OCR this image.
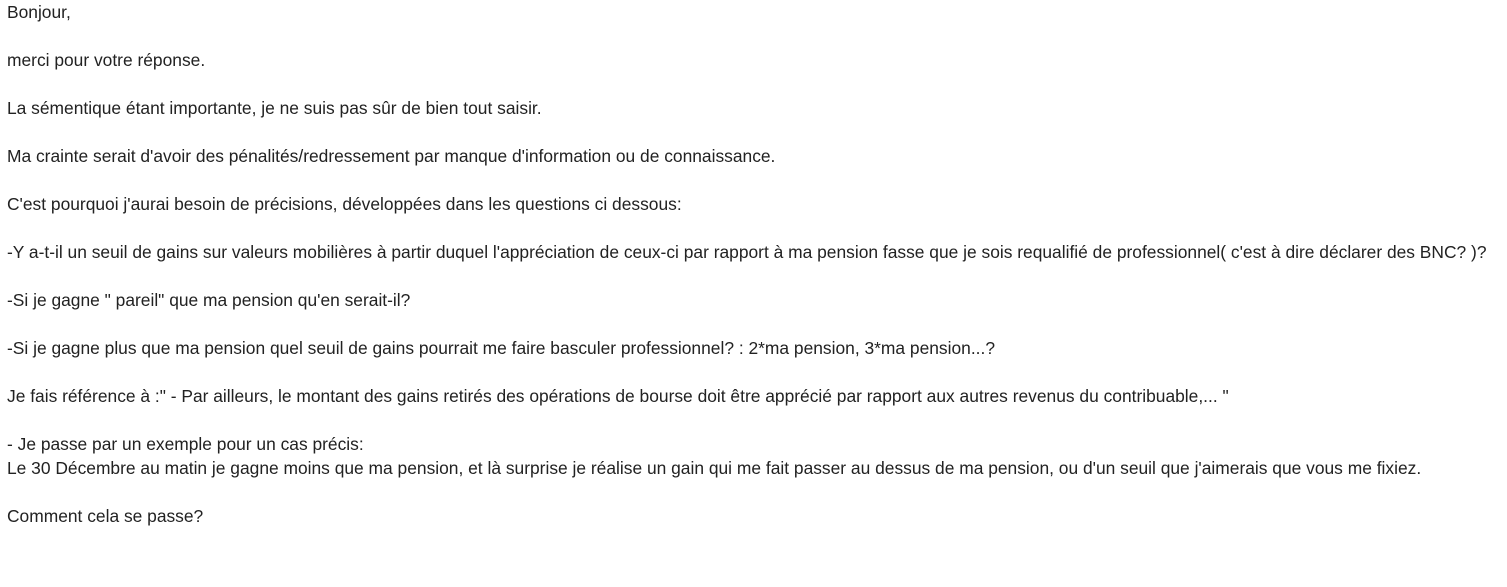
Bonjour,

merci pour votre réponse.

La sémentique étant importante, je ne suis pas sûr de bien tout saisir.

Ma crainte serait d'avoir des pénalités/redressement par manque d'information ou de connaissance.

C'est pourquoi j'aurai besoin de précisions, développées dans les questions ci dessous:

-Y a-t-il un seuil de gains sur valeurs mobilières à partir duquel l'appréciation de ceux-ci par rapport à ma pension fasse que je sois requalifié de professionnel( c'est à dire déclarer des BNC? )?

-Si je gagne " pareil" que ma pension qu'en serait-il?

-Si je gagne plus que ma pension quel seuil de gains pourrait me faire basculer professionnel? : 2*ma pension, 3*ma pension...?

Je fais référence à :" - Par ailleurs, le montant des gains retirés des opérations de bourse doit être apprécié par rapport aux autres revenus du contribuable,... "

- Je passe par un exemple pour un cas précis:
Le 30 Décembre au matin je gagne moins que ma pension, et là surprise je réalise un gain qui me fait passer au dessus de ma pension, ou d'un seuil que j'aimerais que vous me fixiez.

Comment cela se passe?
